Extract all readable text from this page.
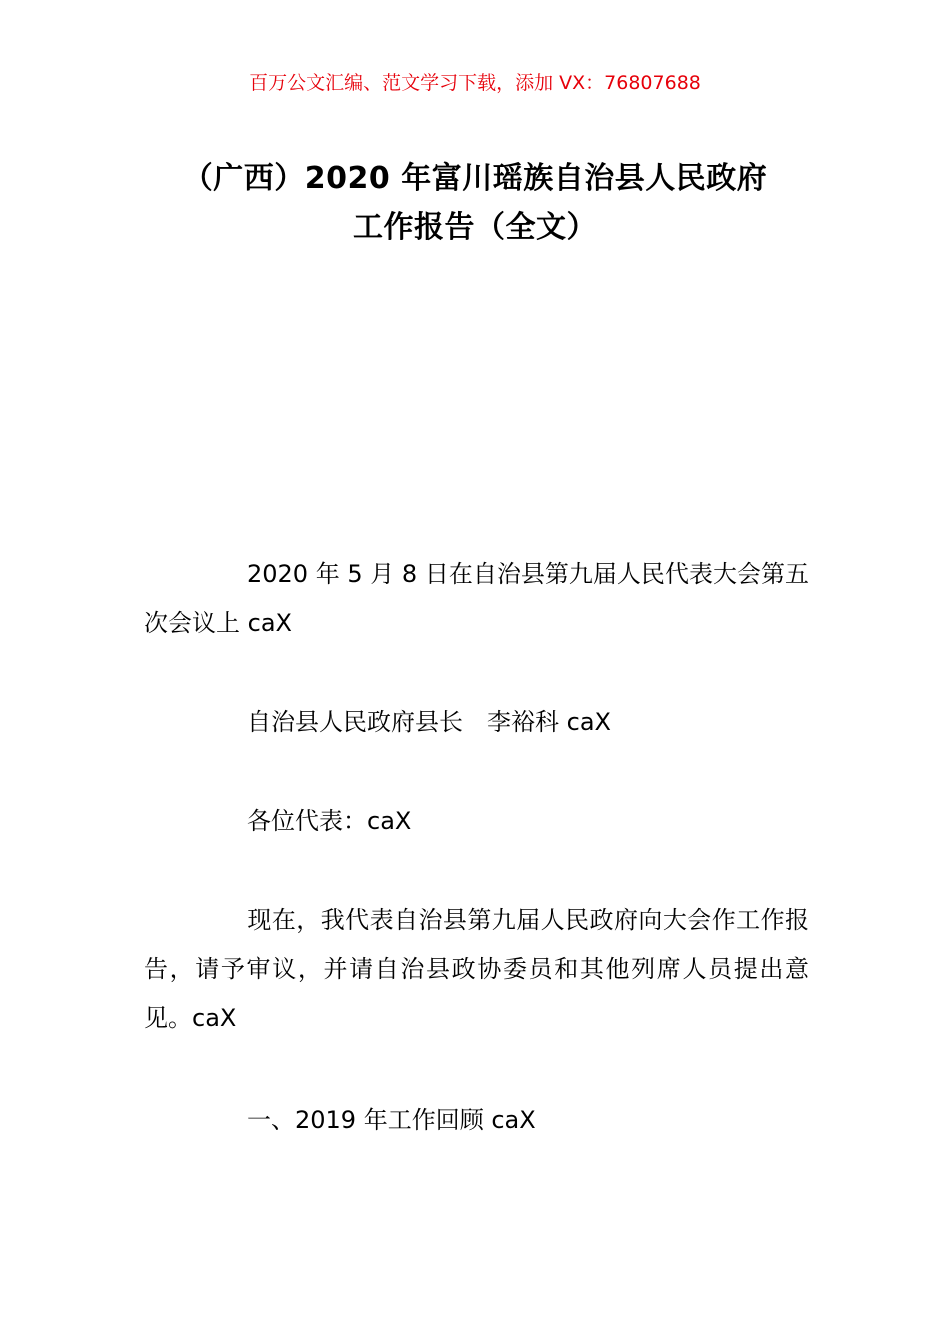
百万公文汇编、范文学习下载，添加 VX：76807688
（广西）2020 年富川瑶族自治县人民政府
工作报告（全文）

2020 年 5 月 8 日在自治县第九届人民代表大会第五次会议上 caX

自治县人民政府县长　李裕科 caX

各位代表：caX

现在，我代表自治县第九届人民政府向大会作工作报告，请予审议，并请自治县政协委员和其他列席人员提出意见。caX

一、2019 年工作回顾 caX
